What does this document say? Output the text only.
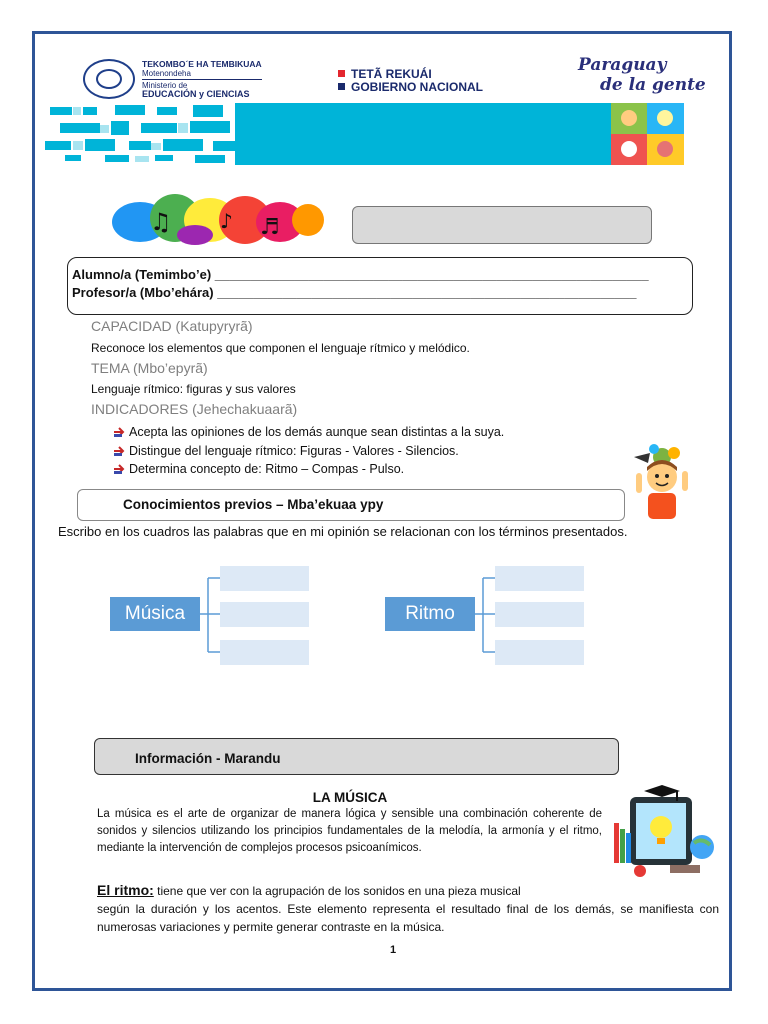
TEKOMBO´E HA TEMBIKUAA
Motenondeha
Ministerio de
EDUCACIÓN y CIENCIAS
TETÃ REKUÁI
GOBIERNO NACIONAL
Paraguay
de la gente
♫ ♪ ♬
Alumno/a (Temimbo’e) ____________________________________________________________
Profesor/a (Mbo’ehára) __________________________________________________________
CAPACIDAD (Katupyryrã)
Reconoce los elementos que componen el lenguaje rítmico y melódico.
TEMA (Mbo’epyrã)
Lenguaje rítmico: figuras y sus valores
INDICADORES (Jehechakuaarã)
Acepta las opiniones de los demás aunque sean distintas a la suya.
Distingue del lenguaje rítmico: Figuras - Valores - Silencios.
Determina concepto de: Ritmo – Compas - Pulso.
Conocimientos previos – Mba’ekuaa ypy
Escribo en los cuadros las palabras que en mi opinión se relacionan con los términos presentados.
Música	Ritmo
Información - Marandu
LA MÚSICA
La música es el arte de organizar de manera lógica y sensible una combinación coherente de sonidos y silencios utilizando los principios fundamentales de la melodía, la armonía y el ritmo, mediante la intervención de complejos procesos psicoanímicos.
El ritmo: tiene que ver con la agrupación de los sonidos en una pieza musical
según la duración y los acentos. Este elemento representa el resultado final de los demás, se manifiesta con numerosas variaciones y permite generar contraste en la música.
1
